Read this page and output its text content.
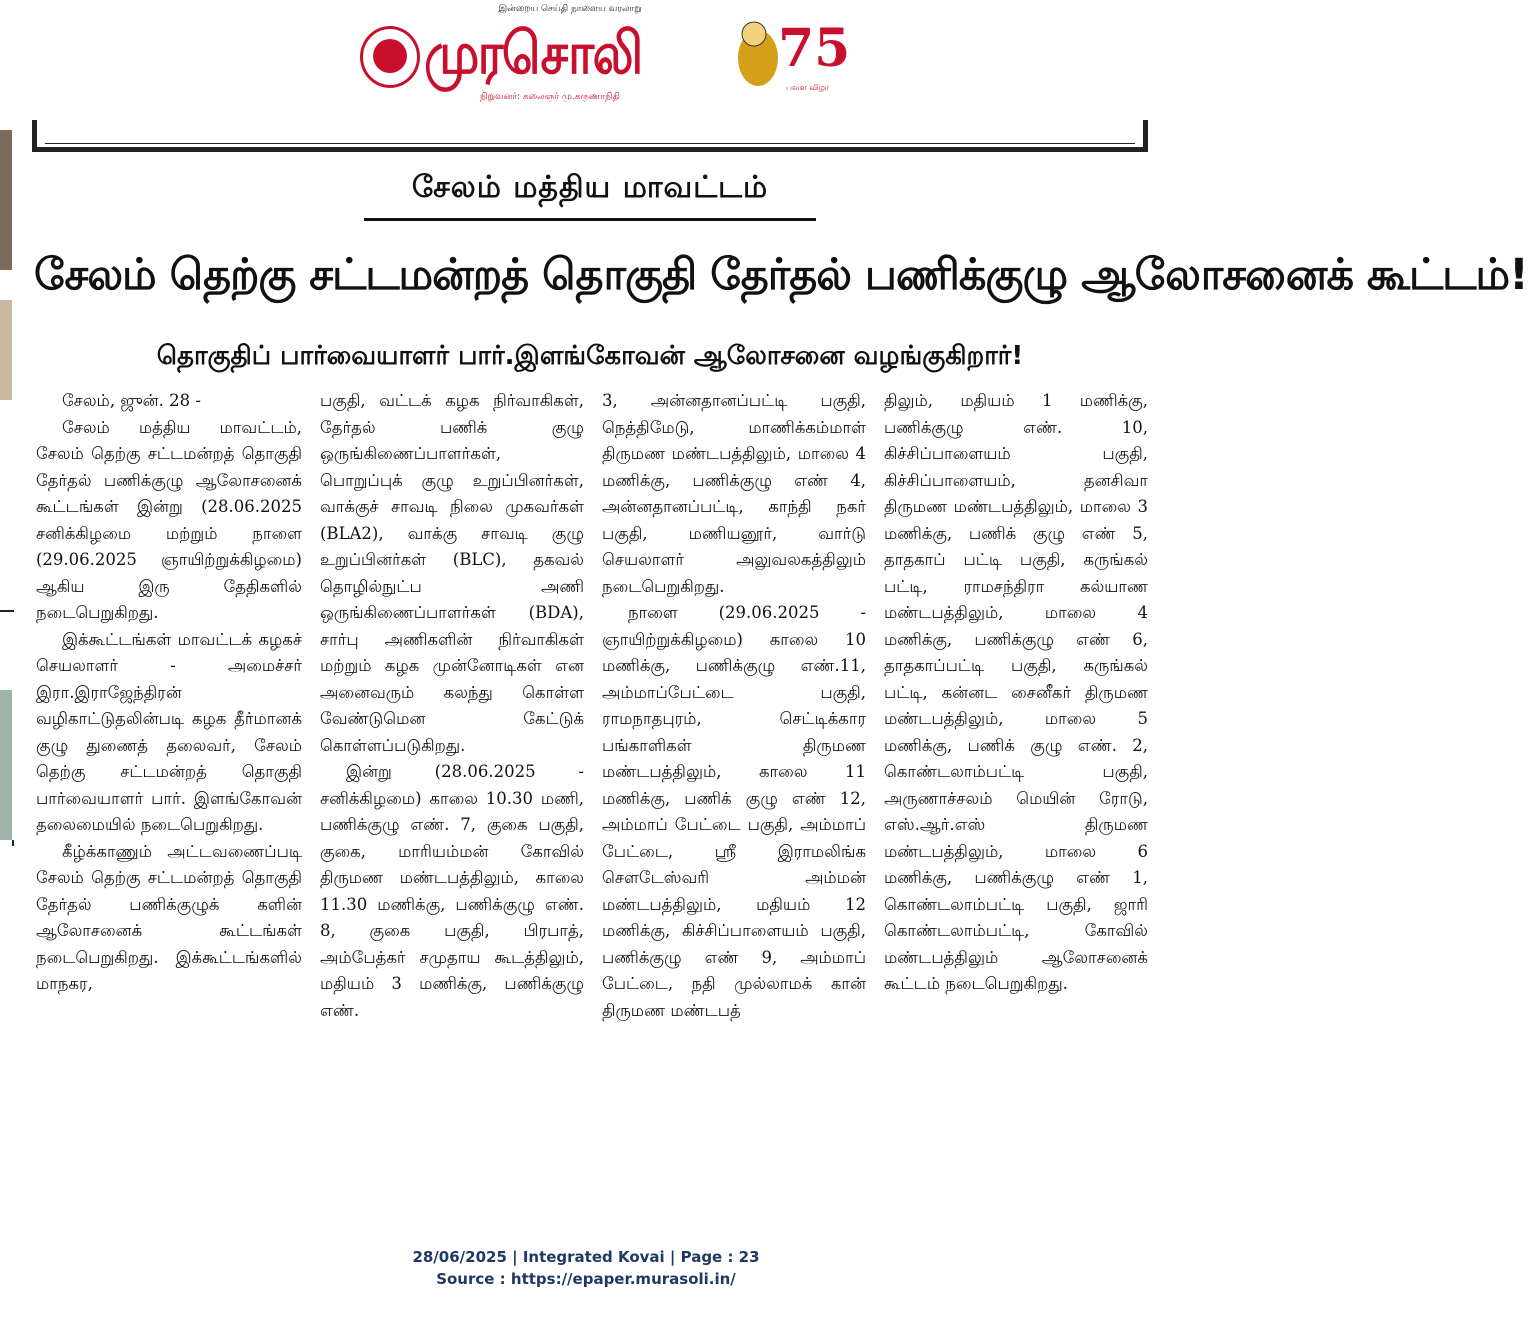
இன்றைய செய்தி நாளைய வரலாறு
முரசொலி
நிறுவனர்: கலைஞர் மு.கருணாநிதி
75
பவள விழா
சேலம் மத்திய மாவட்டம்
சேலம் தெற்கு சட்டமன்றத் தொகுதி தேர்தல் பணிக்குழு ஆலோசனைக் கூட்டம்!
தொகுதிப் பார்வையாளர் பார்.இளங்கோவன் ஆலோசனை வழங்குகிறார்!

சேலம், ஜுன். 28 -

சேலம் மத்திய மாவட்டம், சேலம் தெற்கு சட்டமன்றத் தொகுதி தேர்தல் பணிக்குழு ஆலோசனைக் கூட்டங்கள் இன்று (28.06.2025 சனிக்கிழமை மற்றும் நாளை (29.06.2025 ஞாயிற்றுக்கிழமை) ஆகிய இரு தேதிகளில் நடைபெறுகிறது.

இக்கூட்டங்கள் மாவட்டக் கழகச் செயலாளர் - அமைச்சர் இரா.இராஜேந்திரன் வழிகாட்டுதலின்படி கழக தீர்மானக் குழு துணைத் தலைவர், சேலம் தெற்கு சட்டமன்றத் தொகுதி பார்வையாளர் பார். இளங்கோவன் தலைமையில் நடைபெறுகிறது.

கீழ்க்காணும் அட்டவணைப்படி சேலம் தெற்கு சட்டமன்றத் தொகுதி தேர்தல் பணிக்குழுக் களின் ஆலோசனைக் கூட்டங்கள் நடைபெறுகிறது. இக்கூட்டங்களில் மாநகர,

பகுதி, வட்டக் கழக நிர்வாகிகள், தேர்தல் பணிக் குழு ஒருங்கிணைப்பாளர்கள், பொறுப்புக் குழு உறுப்பினர்கள், வாக்குச் சாவடி நிலை முகவர்கள் (BLA2), வாக்கு சாவடி குழு உறுப்பினர்கள் (BLC), தகவல் தொழில்நுட்ப அணி ஒருங்கிணைப்பாளர்கள் (BDA), சார்பு அணிகளின் நிர்வாகிகள் மற்றும் கழக முன்னோடிகள் என அனைவரும் கலந்து கொள்ள வேண்டுமென கேட்டுக் கொள்ளப்படுகிறது.

இன்று (28.06.2025 - சனிக்கிழமை) காலை 10.30 மணி, பணிக்குழு எண். 7, குகை பகுதி, குகை, மாரியம்மன் கோவில் திருமண மண்டபத்திலும், காலை 11.30 மணிக்கு, பணிக்குழு எண். 8, குகை பகுதி, பிரபாத், அம்பேத்கர் சமுதாய கூடத்திலும், மதியம் 3 மணிக்கு, பணிக்குழு எண்.

3, அன்னதானப்பட்டி பகுதி, நெத்திமேடு, மாணிக்கம்மாள் திருமண மண்டபத்திலும், மாலை 4 மணிக்கு, பணிக்குழு எண் 4, அன்னதானப்பட்டி, காந்தி நகர் பகுதி, மணியனூர், வார்டு செயலாளர் அலுவலகத்திலும் நடைபெறுகிறது.

நாளை (29.06.2025 - ஞாயிற்றுக்கிழமை) காலை 10 மணிக்கு, பணிக்குழு எண்.11, அம்மாப்பேட்டை பகுதி, ராமநாதபுரம், செட்டிக்கார பங்காளிகள் திருமண மண்டபத்திலும், காலை 11 மணிக்கு, பணிக் குழு எண் 12, அம்மாப் பேட்டை பகுதி, அம்மாப் பேட்டை, ஸ்ரீ இராமலிங்க சௌடேஸ்வரி அம்மன் மண்டபத்திலும், மதியம் 12 மணிக்கு, கிச்சிப்பாளையம் பகுதி, பணிக்குழு எண் 9, அம்மாப் பேட்டை, நதி முல்லாமக் கான் திருமண மண்டபத்

திலும், மதியம் 1 மணிக்கு, பணிக்குழு எண். 10, கிச்சிப்பாளையம் பகுதி, கிச்சிப்பாளையம், தனசிவா திருமண மண்டபத்திலும், மாலை 3 மணிக்கு, பணிக் குழு எண் 5, தாதகாப் பட்டி பகுதி, கருங்கல் பட்டி, ராமசந்திரா கல்யாண மண்டபத்திலும், மாலை 4 மணிக்கு, பணிக்குழு எண் 6, தாதகாப்பட்டி பகுதி, கருங்கல் பட்டி, கன்னட சைனீகர் திருமண மண்டபத்திலும், மாலை 5 மணிக்கு, பணிக் குழு எண். 2, கொண்டலாம்பட்டி பகுதி, அருணாச்சலம் மெயின் ரோடு, எஸ்.ஆர்.எஸ் திருமண மண்டபத்திலும், மாலை 6 மணிக்கு, பணிக்குழு எண் 1, கொண்டலாம்பட்டி பகுதி, ஜாரி கொண்டலாம்பட்டி, கோவில் மண்டபத்திலும் ஆலோசனைக் கூட்டம் நடைபெறுகிறது.

28/06/2025 | Integrated Kovai | Page : 23
Source : https://epaper.murasoli.in/
